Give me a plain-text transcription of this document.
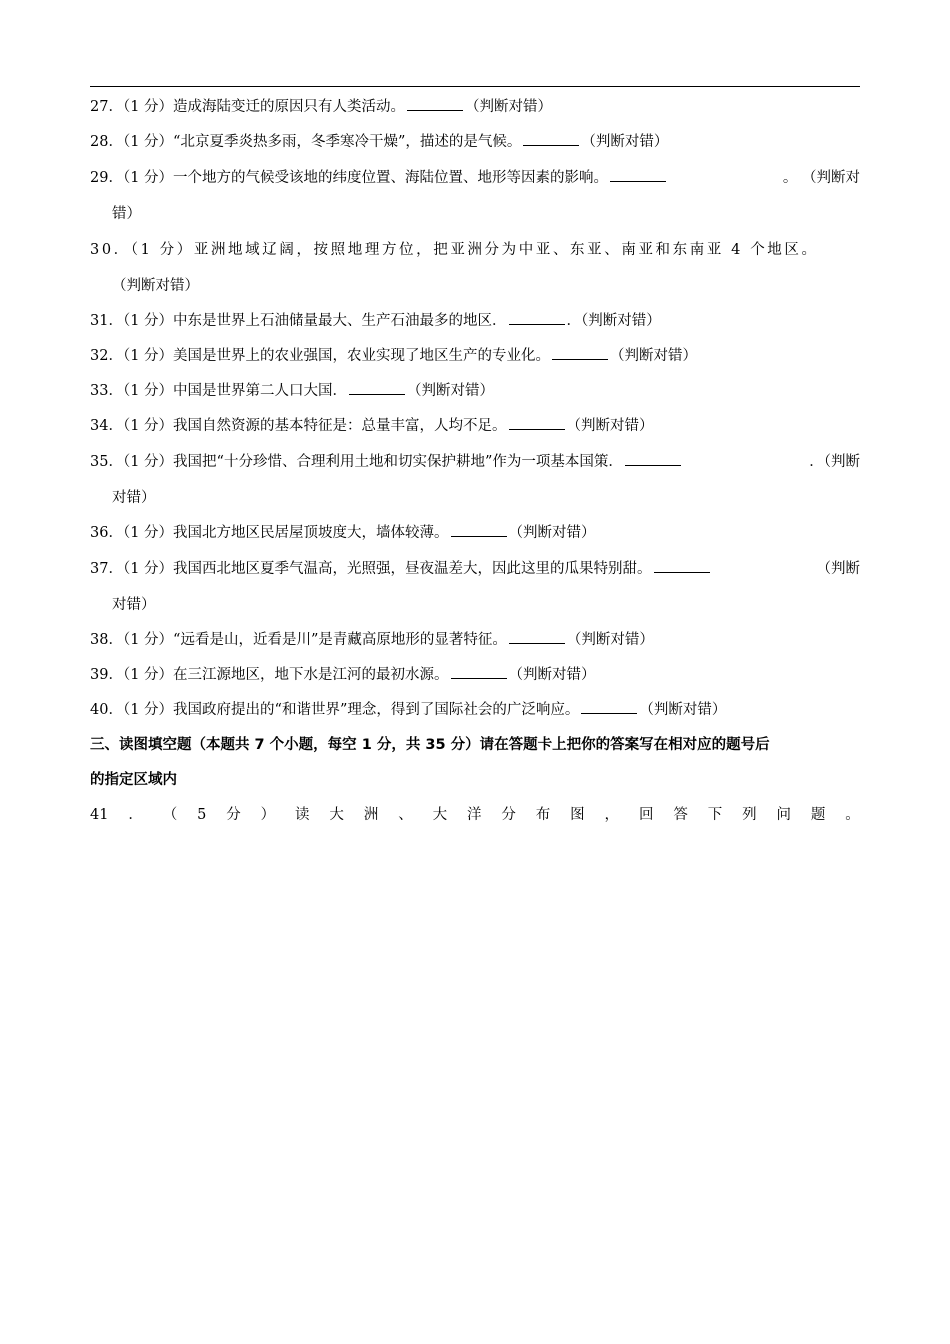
27．（1 分）造成海陆变迁的原因只有人类活动。	（判断对错）
28．（1 分）“北京夏季炎热多雨，冬季寒冷干燥”，描述的是气候。	（判断对错）
29．（1 分）一个地方的气候受该地的纬度位置、海陆位置、地形等因素的影响。	。 （判断对
错）
30．（1 分）亚洲地域辽阔，按照地理方位，把亚洲分为中亚、东亚、南亚和东南亚 4 个地区。
（判断对错）
31．（1 分）中东是世界上石油储量最大、生产石油最多的地区．	．（判断对错）
32．（1 分）美国是世界上的农业强国，农业实现了地区生产的专业化。	（判断对错）
33．（1 分）中国是世界第二人口大国．	（判断对错）
34．（1 分）我国自然资源的基本特征是：总量丰富，人均不足。	（判断对错）
35．（1 分）我国把“十分珍惜、合理利用土地和切实保护耕地”作为一项基本国策．	．（判断
对错）
36．（1 分）我国北方地区民居屋顶坡度大，墙体较薄。	（判断对错）
37．（1 分）我国西北地区夏季气温高，光照强，昼夜温差大，因此这里的瓜果特别甜。	（判断
对错）
38．（1 分）“远看是山，近看是川”是青藏高原地形的显著特征。	（判断对错）
39．（1 分）在三江源地区，地下水是江河的最初水源。	（判断对错）
40．（1 分）我国政府提出的“和谐世界”理念，得到了国际社会的广泛响应。	（判断对错）
三、读图填空题（本题共 7 个小题，每空 1 分，共 35 分）请在答题卡上把你的答案写在相对应的题号后
的指定区域内
41 ． （ 5 分 ） 读 大 洲 、 大 洋 分 布 图 ， 回 答 下 列 问 题 。
